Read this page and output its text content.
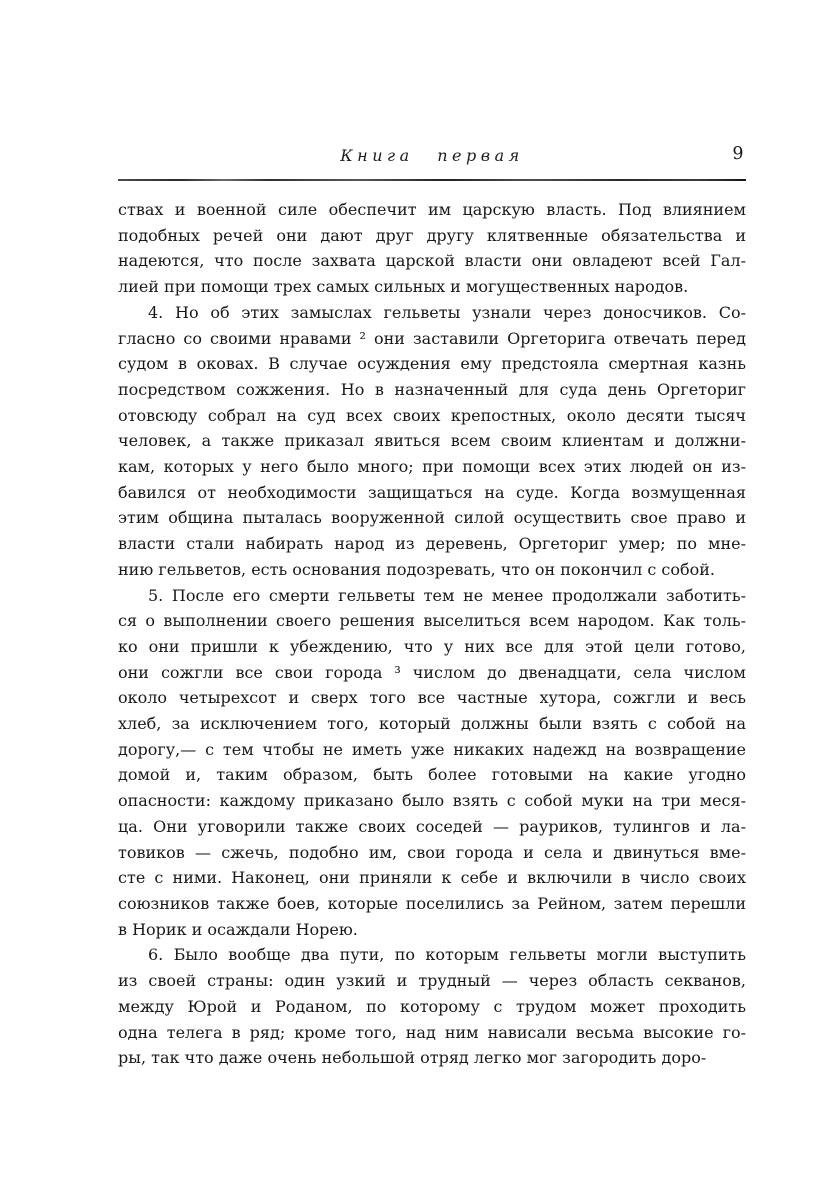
Книга первая	9
ствах и военной силе обеспечит им царскую власть. Под влиянием
подобных речей они дают друг другу клятвенные обязательства и
надеются, что после захвата царской власти они овладеют всей Гал-
лией при помощи трех самых сильных и могущественных народов.
4. Но об этих замыслах гельветы узнали через доносчиков. Со-
гласно со своими нравами ² они заставили Оргеторига отвечать перед
судом в оковах. В случае осуждения ему предстояла смертная казнь
посредством сожжения. Но в назначенный для суда день Оргеториг
отовсюду собрал на суд всех своих крепостных, около десяти тысяч
человек, а также приказал явиться всем своим клиентам и должни-
кам, которых у него было много; при помощи всех этих людей он из-
бавился от необходимости защищаться на суде. Когда возмущенная
этим община пыталась вооруженной силой осуществить свое право и
власти стали набирать народ из деревень, Оргеториг умер; по мне-
нию гельветов, есть основания подозревать, что он покончил с собой.
5. После его смерти гельветы тем не менее продолжали заботить-
ся о выполнении своего решения выселиться всем народом. Как толь-
ко они пришли к убеждению, что у них все для этой цели готово,
они сожгли все свои города ³ числом до двенадцати, села числом
около четырехсот и сверх того все частные хутора, сожгли и весь
хлеб, за исключением того, который должны были взять с собой на
дорогу,— с тем чтобы не иметь уже никаких надежд на возвращение
домой и, таким образом, быть более готовыми на какие угодно
опасности: каждому приказано было взять с собой муки на три меся-
ца. Они уговорили также своих соседей — рауриков, тулингов и ла-
товиков — сжечь, подобно им, свои города и села и двинуться вме-
сте с ними. Наконец, они приняли к себе и включили в число своих
союзников также боев, которые поселились за Рейном, затем перешли
в Норик и осаждали Норею.
6. Было вообще два пути, по которым гельветы могли выступить
из своей страны: один узкий и трудный — через область секванов,
между Юрой и Роданом, по которому с трудом может проходить
одна телега в ряд; кроме того, над ним нависали весьма высокие го-
ры, так что даже очень небольшой отряд легко мог загородить доро-
